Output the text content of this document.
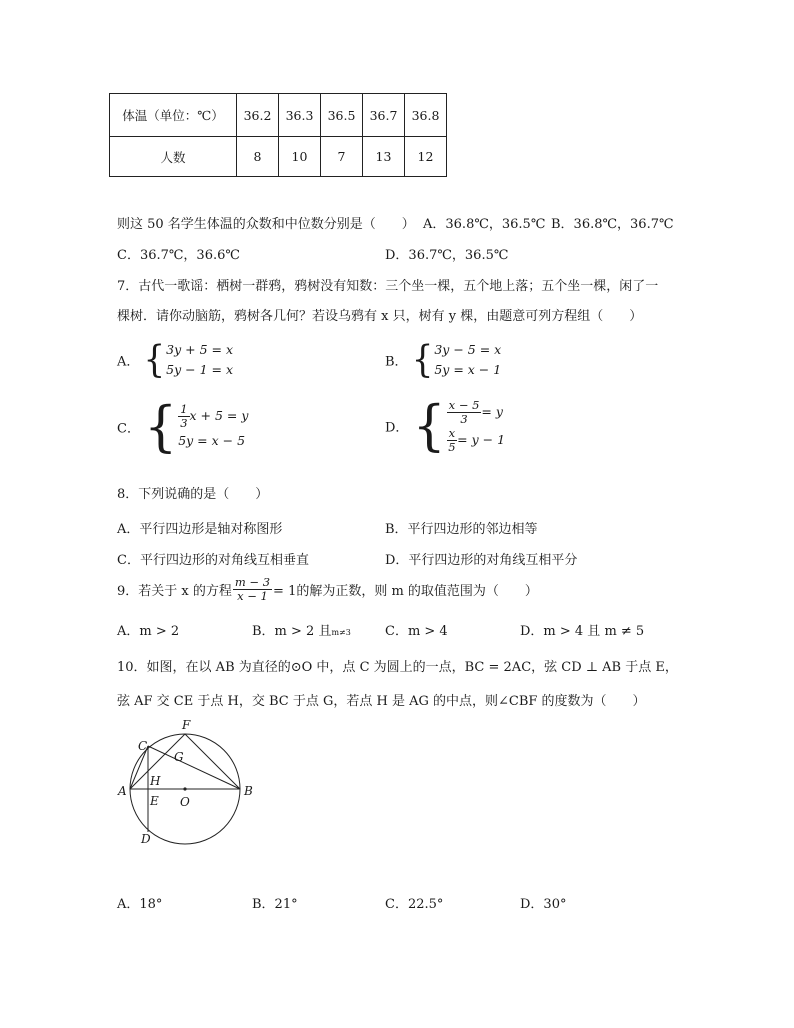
体温（单位：℃）	36.2	36.3	36.5	36.7	36.8
人数	8	10	7	13	12
则这 50 名学生体温的众数和中位数分别是（　　） A．36.8℃，36.5℃ B．36.8℃，36.7℃
C．36.7℃，36.6℃	D．36.7℃，36.5℃
7．古代一歌谣：栖树一群鸦，鸦树没有知数：三个坐一棵，五个地上落；五个坐一棵，闲了一
棵树．请你动脑筋，鸦树各几何？若设乌鸦有 x 只，树有 y 棵，由题意可列方程组（　　）
A． { 3y + 5 = x
5y − 1 = x	B． { 3y − 5 = x
5y = x − 1
C． { $\frac{1}{3}$ x + 5 = y
5y = x − 5
D． { $\frac{x - 5}{3} = y$
$\frac{x}{5} = y - 1$
8．下列说确的是（　　）
A．平行四边形是轴对称图形	B．平行四边形的邻边相等
C．平行四边形的对角线互相垂直	D．平行四边形的对角线互相平分
9．若关于 x 的方程 $\frac{m - 3}{x - 1} = 1$的解为正数，则 m 的取值范围为（　　）
A．m > 2	B．m > 2 且m≠3	C．m > 4	D．m > 4 且 m ≠ 5
10．如图，在以 AB 为直径的⊙O 中，点 C 为圆上的一点，BC = 2AC，弦 CD ⊥ AB 于点 E，
弦 AF 交 CE 于点 H，交 BC 于点 G，若点 H 是 AG 的中点，则∠CBF 的度数为（　　）
F
C
G
H
A	B
E O
D
A．18°	B．21°	C．22.5°	D．30°
